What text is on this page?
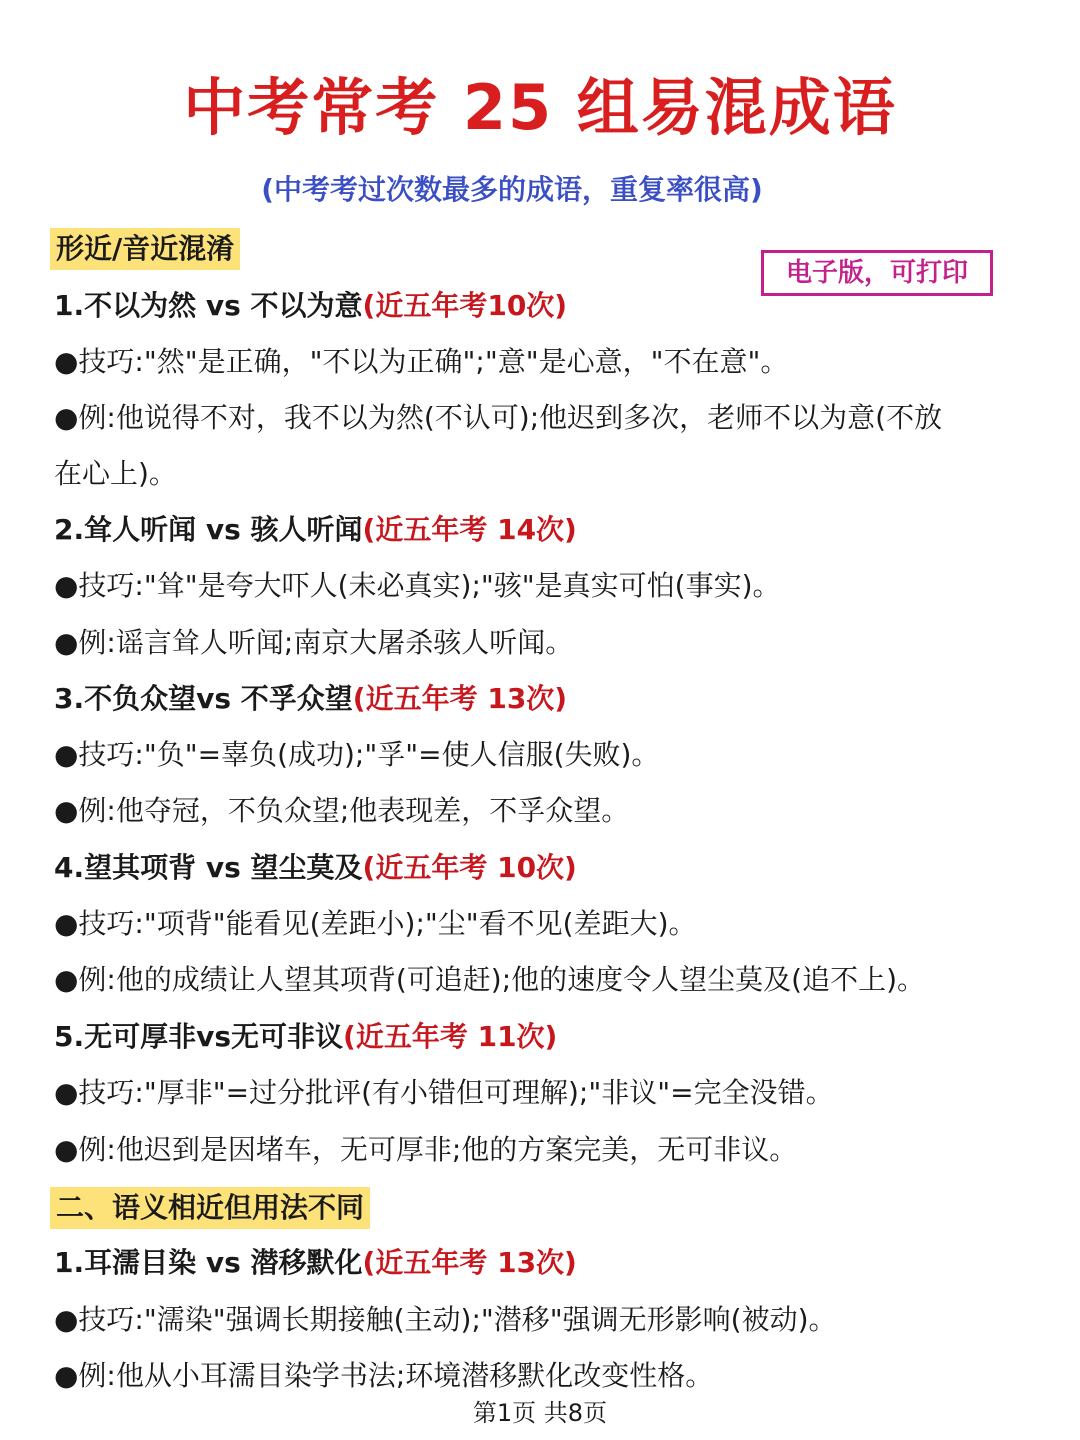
中考常考 25 组易混成语
(中考考过次数最多的成语，重复率很高)
形近/音近混淆
电子版，可打印
1.不以为然 vs 不以为意(近五年考10次)
●技巧:"然"是正确，"不以为正确";"意"是心意，"不在意"。
●例:他说得不对，我不以为然(不认可);他迟到多次，老师不以为意(不放
在心上)。
2.耸人听闻 vs 骇人听闻(近五年考 14次)
●技巧:"耸"是夸大吓人(未必真实);"骇"是真实可怕(事实)。
●例:谣言耸人听闻;南京大屠杀骇人听闻。
3.不负众望vs 不孚众望(近五年考 13次)
●技巧:"负"=辜负(成功);"孚"=使人信服(失败)。
●例:他夺冠，不负众望;他表现差，不孚众望。
4.望其项背 vs 望尘莫及(近五年考 10次)
●技巧:"项背"能看见(差距小);"尘"看不见(差距大)。
●例:他的成绩让人望其项背(可追赶);他的速度令人望尘莫及(追不上)。
5.无可厚非vs无可非议(近五年考 11次)
●技巧:"厚非"=过分批评(有小错但可理解);"非议"=完全没错。
●例:他迟到是因堵车，无可厚非;他的方案完美，无可非议。
二、语义相近但用法不同
1.耳濡目染 vs 潜移默化(近五年考 13次)
●技巧:"濡染"强调长期接触(主动);"潜移"强调无形影响(被动)。
●例:他从小耳濡目染学书法;环境潜移默化改变性格。
第1页 共8页
